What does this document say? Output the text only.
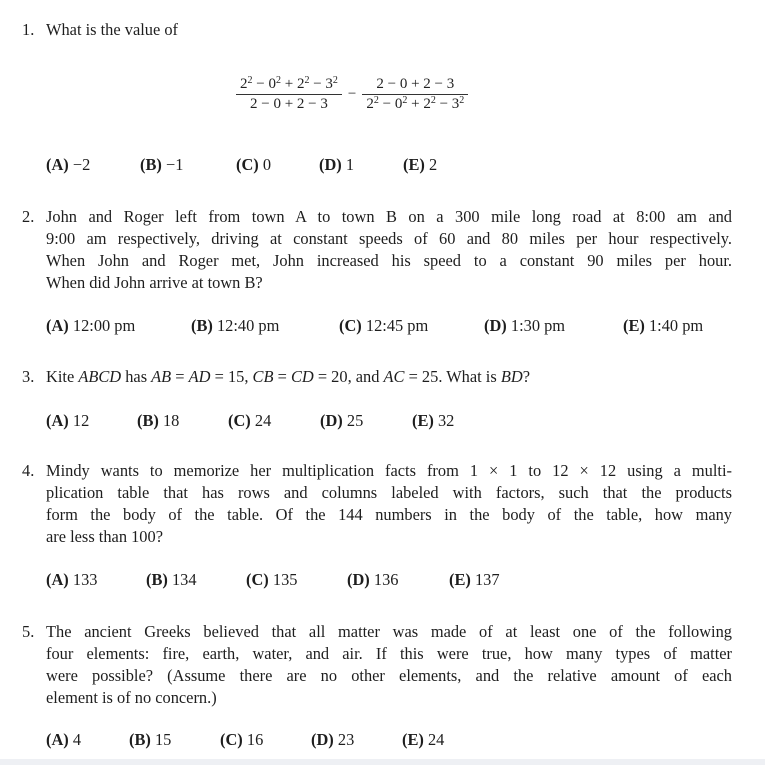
1. What is the value of
$\frac{2^2 - 0^2 + 2^2 - 3^2}{2 - 0 + 2 - 3} - \frac{2 - 0 + 2 - 3}{2^2 - 0^2 + 2^2 - 3^2}$
(A) −2	(B) −1	(C) 0	(D) 1	(E) 2
2. John and Roger left from town A to town B on a 300 mile long road at 8:00 am and
9:00 am respectively, driving at constant speeds of 60 and 80 miles per hour respectively.
When John and Roger met, John increased his speed to a constant 90 miles per hour.
When did John arrive at town B?
(A) 12:00 pm	(B) 12:40 pm	(C) 12:45 pm	(D) 1:30 pm	(E) 1:40 pm
3. Kite ABCD has AB = AD = 15, CB = CD = 20, and AC = 25. What is BD?
(A) 12	(B) 18	(C) 24	(D) 25	(E) 32
4. Mindy wants to memorize her multiplication facts from 1 × 1 to 12 × 12 using a multi-
plication table that has rows and columns labeled with factors, such that the products
form the body of the table. Of the 144 numbers in the body of the table, how many
are less than 100?
(A) 133	(B) 134	(C) 135	(D) 136	(E) 137
5. The ancient Greeks believed that all matter was made of at least one of the following
four elements: fire, earth, water, and air. If this were true, how many types of matter
were possible? (Assume there are no other elements, and the relative amount of each
element is of no concern.)
(A) 4	(B) 15	(C) 16	(D) 23	(E) 24
